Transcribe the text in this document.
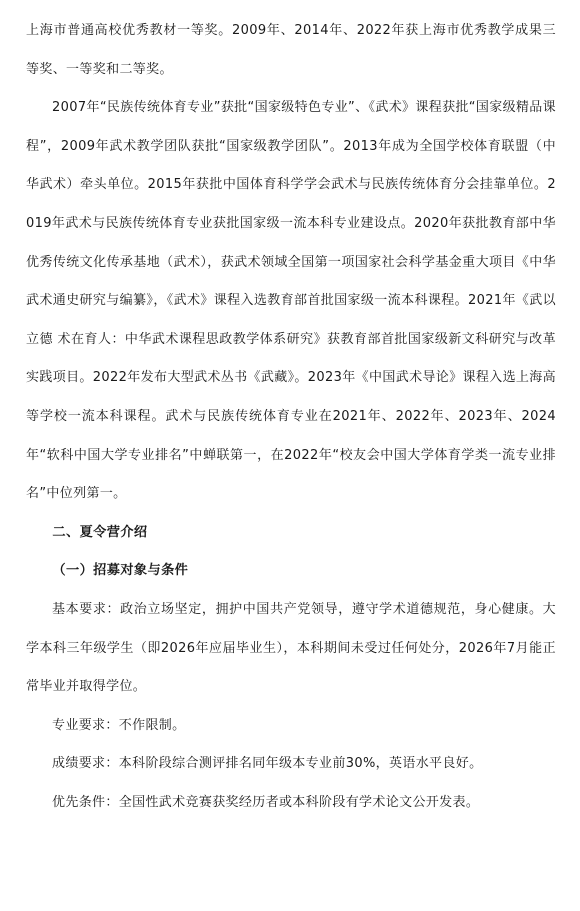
上海市普通高校优秀教材一等奖。2009年、2014年、2022年获上海市优秀教学成果三等奖、一等奖和二等奖。

2007年“民族传统体育专业”获批“国家级特色专业”、《武术》课程获批“国家级精品课程”，2009年武术教学团队获批“国家级教学团队”。2013年成为全国学校体育联盟（中华武术）牵头单位。2015年获批中国体育科学学会武术与民族传统体育分会挂靠单位。2019年武术与民族传统体育专业获批国家级一流本科专业建设点。2020年获批教育部中华优秀传统文化传承基地（武术），获武术领域全国第一项国家社会科学基金重大项目《中华武术通史研究与编纂》，《武术》课程入选教育部首批国家级一流本科课程。2021年《武以立德 术在育人：中华武术课程思政教学体系研究》获教育部首批国家级新文科研究与改革实践项目。2022年发布大型武术丛书《武藏》。2023年《中国武术导论》课程入选上海高等学校一流本科课程。武术与民族传统体育专业在2021年、2022年、2023年、2024年“软科中国大学专业排名”中蝉联第一，在2022年“校友会中国大学体育学类一流专业排名”中位列第一。

二、夏令营介绍

（一）招募对象与条件

基本要求：政治立场坚定，拥护中国共产党领导，遵守学术道德规范，身心健康。大学本科三年级学生（即2026年应届毕业生），本科期间未受过任何处分，2026年7月能正常毕业并取得学位。

专业要求：不作限制。

成绩要求：本科阶段综合测评排名同年级本专业前30%，英语水平良好。

优先条件：全国性武术竞赛获奖经历者或本科阶段有学术论文公开发表。
